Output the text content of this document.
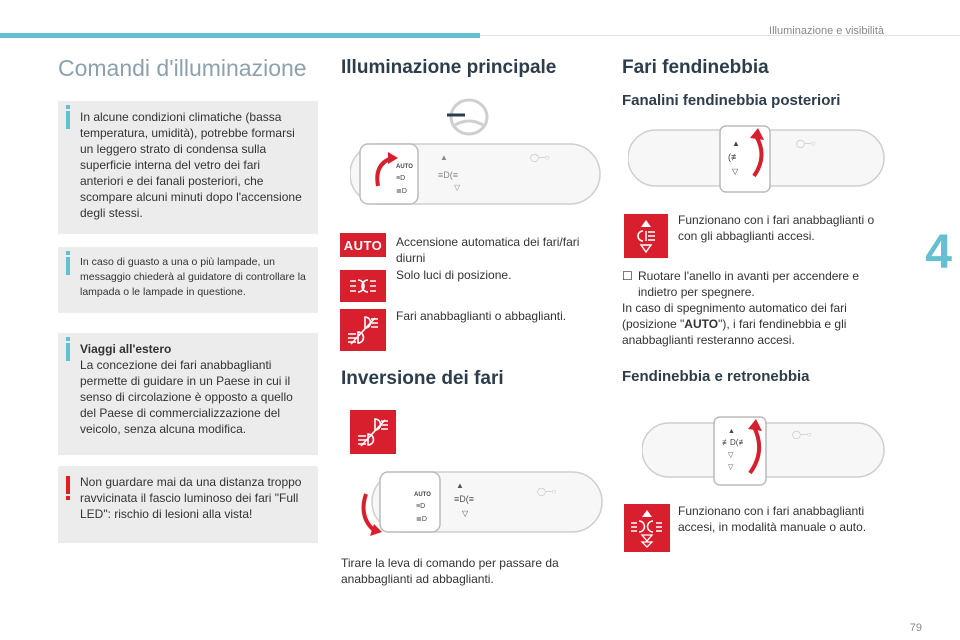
Illuminazione e visibilità
4
79
Comandi d'illuminazione
In alcune condizioni climatiche (bassa temperatura, umidità), potrebbe formarsi un leggero strato di condensa sulla superficie interna del vetro dei fari anteriori e dei fanali posteriori, che scompare alcuni minuti dopo l'accensione degli stessi.
In caso di guasto a una o più lampade, un messaggio chiederà al guidatore di controllare la lampada o le lampade in questione.
Viaggi all'estero
La concezione dei fari anabbaglianti permette di guidare in un Paese in cui il senso di circolazione è opposto a quello del Paese di commercializzazione del veicolo, senza alcuna modifica.
Non guardare mai da una distanza troppo ravvicinata il fascio luminoso dei fari "Full LED": rischio di lesioni alla vista!
Illuminazione principale
AUTO
≡D
≣D
▲
≡D(≡
▽
◯─○
AUTO	Accensione automatica dei fari/fari diurni
Solo luci di posizione.
Fari anabbaglianti o abbaglianti.
Inversione dei fari
AUTO
≡D
≣D
▲
≡D(≡
▽
◯─○
Tirare la leva di comando per passare da anabbaglianti ad abbaglianti.
Fari fendinebbia
Fanalini fendinebbia posteriori
▲
(≢
▽
◯─○
Funzionano con i fari anabbaglianti o con gli abbaglianti accesi.
☐ Ruotare l'anello in avanti per accendere e indietro per spegnere.
In caso di spegnimento automatico dei fari (posizione "AUTO"), i fari fendinebbia e gli anabbaglianti resteranno accesi.
Fendinebbia e retronebbia
▲
≢D(≢
▽
▽
◯─○
Funzionano con i fari anabbaglianti accesi, in modalità manuale o auto.
